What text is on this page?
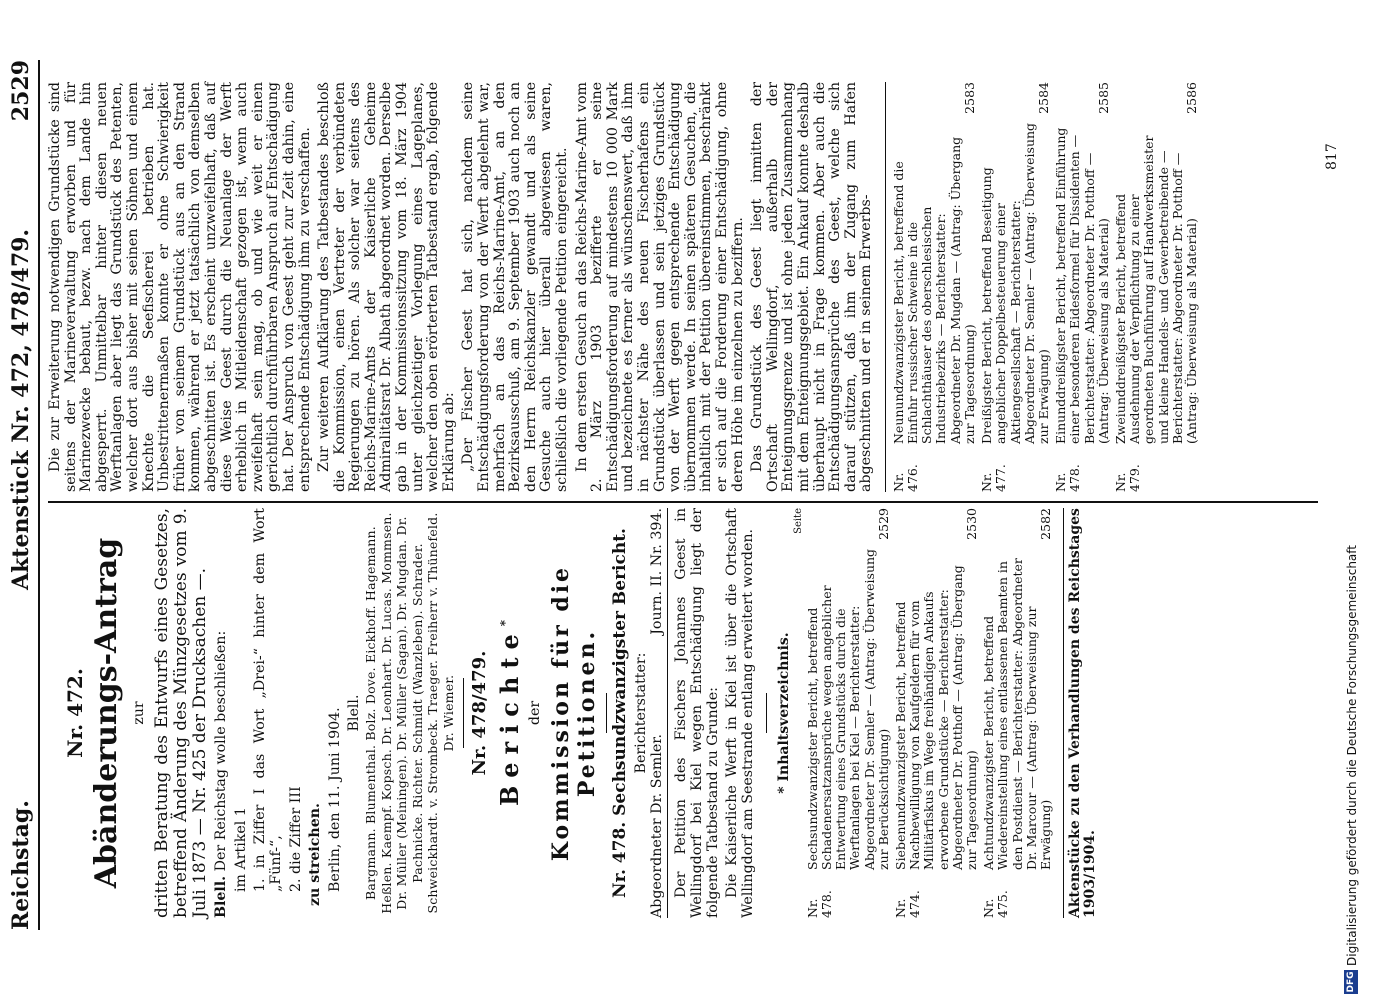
Reichstag.
Aktenstück Nr. 472, 478/479.
2529
Nr. 472. Abänderungs-Antrag zur dritten Beratung des Entwurfs eines Gesetzes, betreffend Änderung des Münzgesetzes vom 9. Juli 1873 — Nr. 425 der Drucksachen —. Blell. Der Reichstag wolle beschließen: im Artikel 1 1. in Ziffer I das Wort „Drei-“ hinter dem Wort „Fünf-“, 2. die Ziffer III zu streichen. Berlin, den 11. Juni 1904. Blell. Bargmann. Blumenthal. Bolz. Dove. Eickhoff. Hagemann. Heßlen. Kaempf. Kopsch. Dr. Leonhart. Dr. Lucas. Mommsen. Dr. Müller (Meiningen). Dr. Müller (Sagan). Dr. Mugdan. Dr. Pachnicke. Richter. Schmidt (Wanzleben). Schrader. Schweickhardt. v. Strombeck. Traeger. Freiherr v. Thünefeld. Dr. Wiemer. Nr. 478/479. Berichte*
der Kommission für die Petitionen. Nr. 478. Sechsundzwanzigster Bericht. Berichterstatter:
Abgeordneter Dr. Semler.
Journ. II. Nr. 394. Der Petition des Fischers Johannes Geest in Wellingdorf bei Kiel wegen Entschädigung liegt der folgende Tatbestand zu Grunde: Die Kaiserliche Werft in Kiel ist über die Ortschaft Wellingdorf am Seestrande entlang erweitert worden. * Inhaltsverzeichnis.
Seite
Nr. 478.
Sechsundzwanzigster Bericht, betreffend Schadenersatzansprüche wegen angeblicher Entwertung eines Grundstücks durch die Werftanlagen bei Kiel — Berichterstatter: Abgeordneter Dr. Semler — (Antrag: Überweisung zur Berücksichtigung)
2529
Nr. 474.
Siebenundzwanzigster Bericht, betreffend Nachbewilligung von Kaufgeldern für vom Militärfiskus im Wege freihändigen Ankaufs erworbene Grundstücke — Berichterstatter: Abgeordneter Dr. Potthoff — (Antrag: Übergang zur Tagesordnung)
2530
Nr. 475.
Achtundzwanzigster Bericht, betreffend Wiedereinstellung eines entlassenen Beamten in den Postdienst — Berichterstatter: Abgeordneter Dr. Marcour — (Antrag: Überweisung zur Erwägung)
2582 Aktenstücke zu den Verhandlungen des Reichstages 1903/1904.

Die zur Erweiterung notwendigen Grundstücke sind seitens der Marineverwaltung erworben und für Marinezwecke bebaut, bezw. nach dem Lande hin abgesperrt. Unmittelbar hinter diesen neuen Werftanlagen aber liegt das Grundstück des Petenten, welcher dort aus bisher mit seinen Söhnen und einem Knechte die Seefischerei betrieben hat. Unbestrittenermaßen konnte er ohne Schwierigkeit früher von seinem Grundstück aus an den Strand kommen, während er jetzt tatsächlich von demselben abgeschnitten ist. Es erscheint unzweifelhaft, daß auf diese Weise Geest durch die Neuanlage der Werft erheblich in Mitleidenschaft gezogen ist, wenn auch zweifelhaft sein mag, ob und wie weit er einen gerichtlich durchführbaren Anspruch auf Entschädigung hat. Der Anspruch von Geest geht zur Zeit dahin, eine entsprechende Entschädigung ihm zu verschaffen. Zur weiteren Aufklärung des Tatbestandes beschloß die Kommission, einen Vertreter der verbündeten Regierungen zu hören. Als solcher war seitens des Reichs-Marine-Amts der Kaiserliche Geheime Admiralitätsrat Dr. Albath abgeordnet worden. Derselbe gab in der Kommissionssitzung vom 18. März 1904 unter gleichzeitiger Vorlegung eines Lageplanes, welcher den oben erörterten Tatbestand ergab, folgende Erklärung ab: „Der Fischer Geest hat sich, nachdem seine Entschädigungsforderung von der Werft abgelehnt war, mehrfach an das Reichs-Marine-Amt, an den Bezirksausschuß, am 9. September 1903 auch noch an den Herrn Reichskanzler gewandt und als seine Gesuche auch hier überall abgewiesen waren, schließlich die vorliegende Petition eingereicht. In dem ersten Gesuch an das Reichs-Marine-Amt vom 2. März 1903 bezifferte er seine Entschädigungsforderung auf mindestens 10 000 Mark und bezeichnete es ferner als wünschenswert, daß ihm in nächster Nähe des neuen Fischerhafens ein Grundstück überlassen und sein jetziges Grundstück von der Werft gegen entsprechende Entschädigung übernommen werde. In seinen späteren Gesuchen, die inhaltlich mit der Petition übereinstimmen, beschränkt er sich auf die Forderung einer Entschädigung, ohne deren Höhe im einzelnen zu beziffern. Das Grundstück des Geest liegt inmitten der Ortschaft Wellingdorf, außerhalb der Enteignungsgrenze und ist ohne jeden Zusammenhang mit dem Enteignungsgebiet. Ein Ankauf konnte deshalb überhaupt nicht in Frage kommen. Aber auch die Entschädigungsansprüche des Geest, welche sich darauf stützen, daß ihm der Zugang zum Hafen abgeschnitten und er in seinem Erwerbs- Nr. 476.
Neunundzwanzigster Bericht, betreffend die Einfuhr russischer Schweine in die Schlachthäuser des oberschlesischen Industriebezirks — Berichterstatter: Abgeordneter Dr. Mugdan — (Antrag: Übergang zur Tagesordnung)
2583
Nr. 477.
Dreißigster Bericht, betreffend Beseitigung angeblicher Doppelbesteuerung einer Aktiengesellschaft — Berichterstatter: Abgeordneter Dr. Semler — (Antrag: Überweisung zur Erwägung)
2584
Nr. 478.
Einunddreißigster Bericht, betreffend Einführung einer besonderen Eidesformel für Dissidenten — Berichterstatter: Abgeordneter Dr. Potthoff — (Antrag: Überweisung als Material)
2585
Nr. 479.
Zweiunddreißigster Bericht, betreffend Ausdehnung der Verpflichtung zu einer geordneten Buchführung auf Handwerksmeister und kleine Handels- und Gewerbetreibende — Berichterstatter: Abgeordneter Dr. Potthoff — (Antrag: Überweisung als Material)
2586
817
DFG
Digitalisierung gefördert durch die Deutsche Forschungsgemeinschaft
